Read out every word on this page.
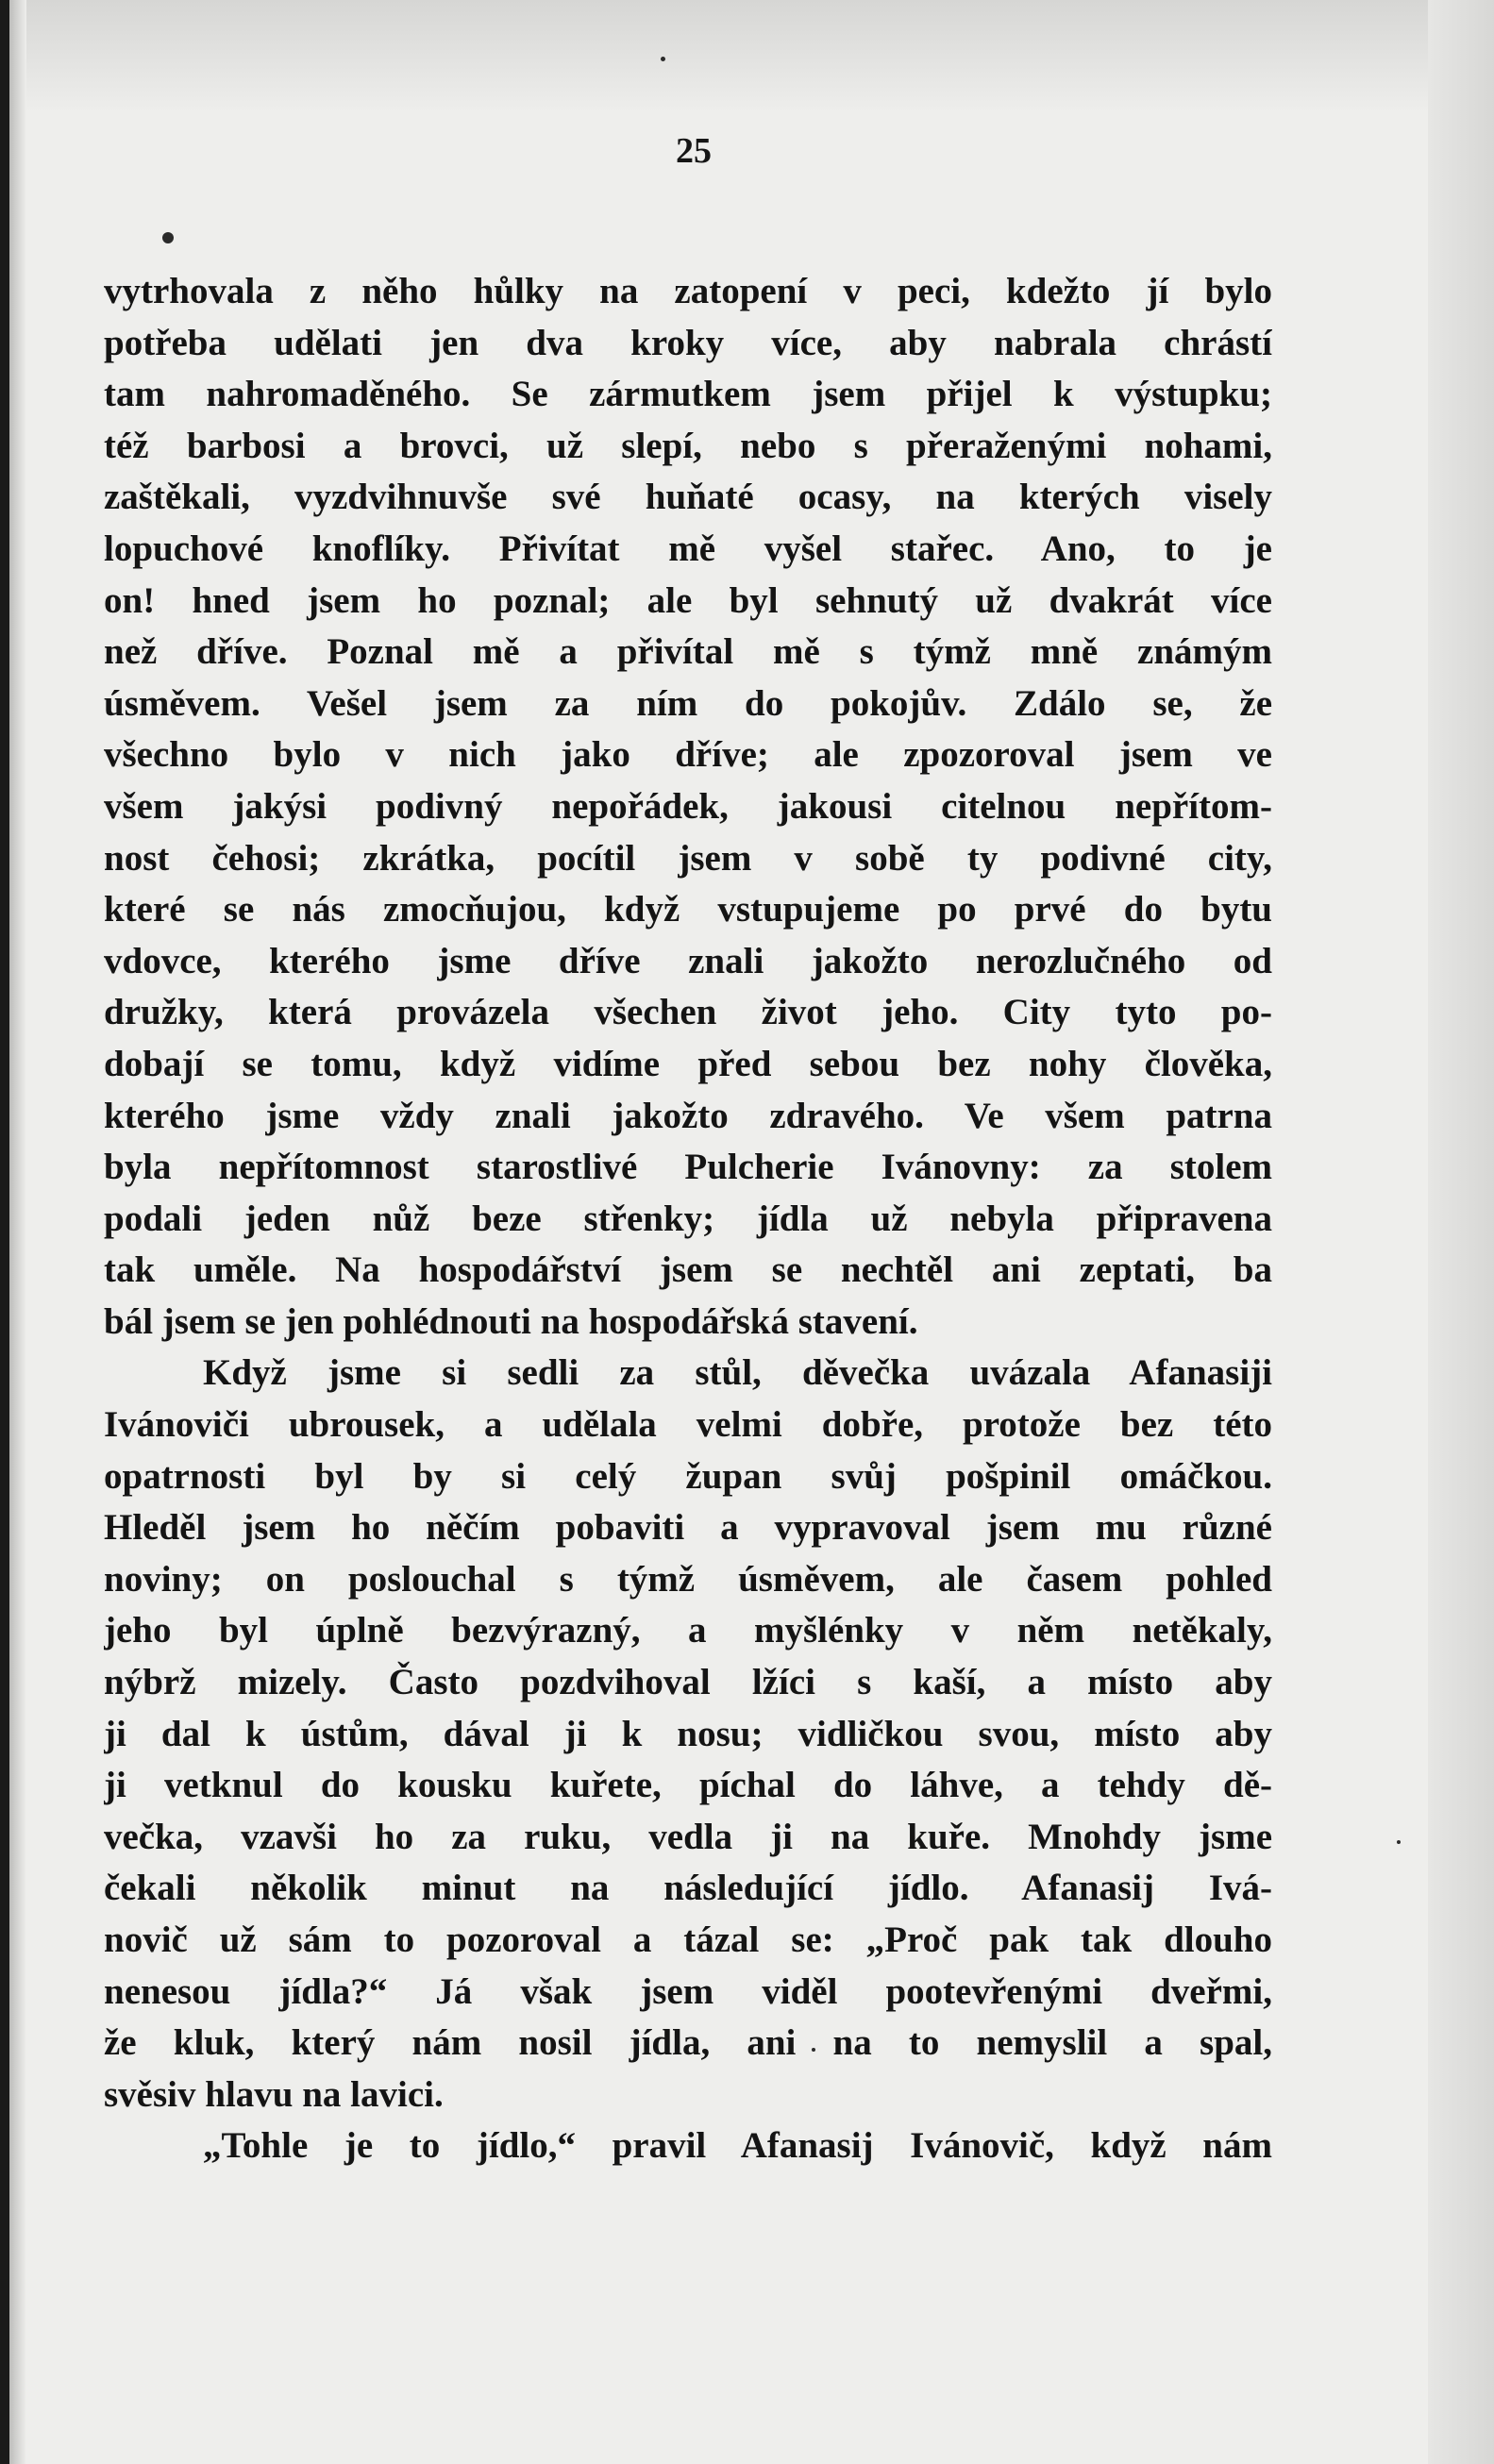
25
vytrhovala z něho hůlky na zatopení v peci, kdežto jí bylo
potřeba udělati jen dva kroky více, aby nabrala chrástí
tam nahromaděného. Se zármutkem jsem přijel k výstupku;
též barbosi a brovci, už slepí, nebo s přeraženými nohami,
zaštěkali, vyzdvihnuvše své huňaté ocasy, na kterých visely
lopuchové knoflíky. Přivítat mě vyšel stařec. Ano, to je
on! hned jsem ho poznal; ale byl sehnutý už dvakrát více
než dříve. Poznal mě a přivítal mě s týmž mně známým
úsměvem. Vešel jsem za ním do pokojův. Zdálo se, že
všechno bylo v nich jako dříve; ale zpozoroval jsem ve
všem jakýsi podivný nepořádek, jakousi citelnou nepřítom-
nost čehosi; zkrátka, pocítil jsem v sobě ty podivné city,
které se nás zmocňujou, když vstupujeme po prvé do bytu
vdovce, kterého jsme dříve znali jakožto nerozlučného od
družky, která provázela všechen život jeho. City tyto po-
dobají se tomu, když vidíme před sebou bez nohy člověka,
kterého jsme vždy znali jakožto zdravého. Ve všem patrna
byla nepřítomnost starostlivé Pulcherie Ivánovny: za stolem
podali jeden nůž beze střenky; jídla už nebyla připravena
tak uměle. Na hospodářství jsem se nechtěl ani zeptati, ba
bál jsem se jen pohlédnouti na hospodářská stavení.
Když jsme si sedli za stůl, děvečka uvázala Afanasiji
Ivánoviči ubrousek, a udělala velmi dobře, protože bez této
opatrnosti byl by si celý župan svůj pošpinil omáčkou.
Hleděl jsem ho něčím pobaviti a vypravoval jsem mu různé
noviny; on poslouchal s týmž úsměvem, ale časem pohled
jeho byl úplně bezvýrazný, a myšlénky v něm netěkaly,
nýbrž mizely. Často pozdvihoval lžíci s kaší, a místo aby
ji dal k ústům, dával ji k nosu; vidličkou svou, místo aby
ji vetknul do kousku kuřete, píchal do láhve, a tehdy dě-
večka, vzavši ho za ruku, vedla ji na kuře. Mnohdy jsme
čekali několik minut na následující jídlo. Afanasij Ivá-
novič už sám to pozoroval a tázal se: „Proč pak tak dlouho
nenesou jídla?“ Já však jsem viděl pootevřenými dveřmi,
že kluk, který nám nosil jídla, ani na to nemyslil a spal,
svěsiv hlavu na lavici.
„Tohle je to jídlo,“ pravil Afanasij Ivánovič, když nám
